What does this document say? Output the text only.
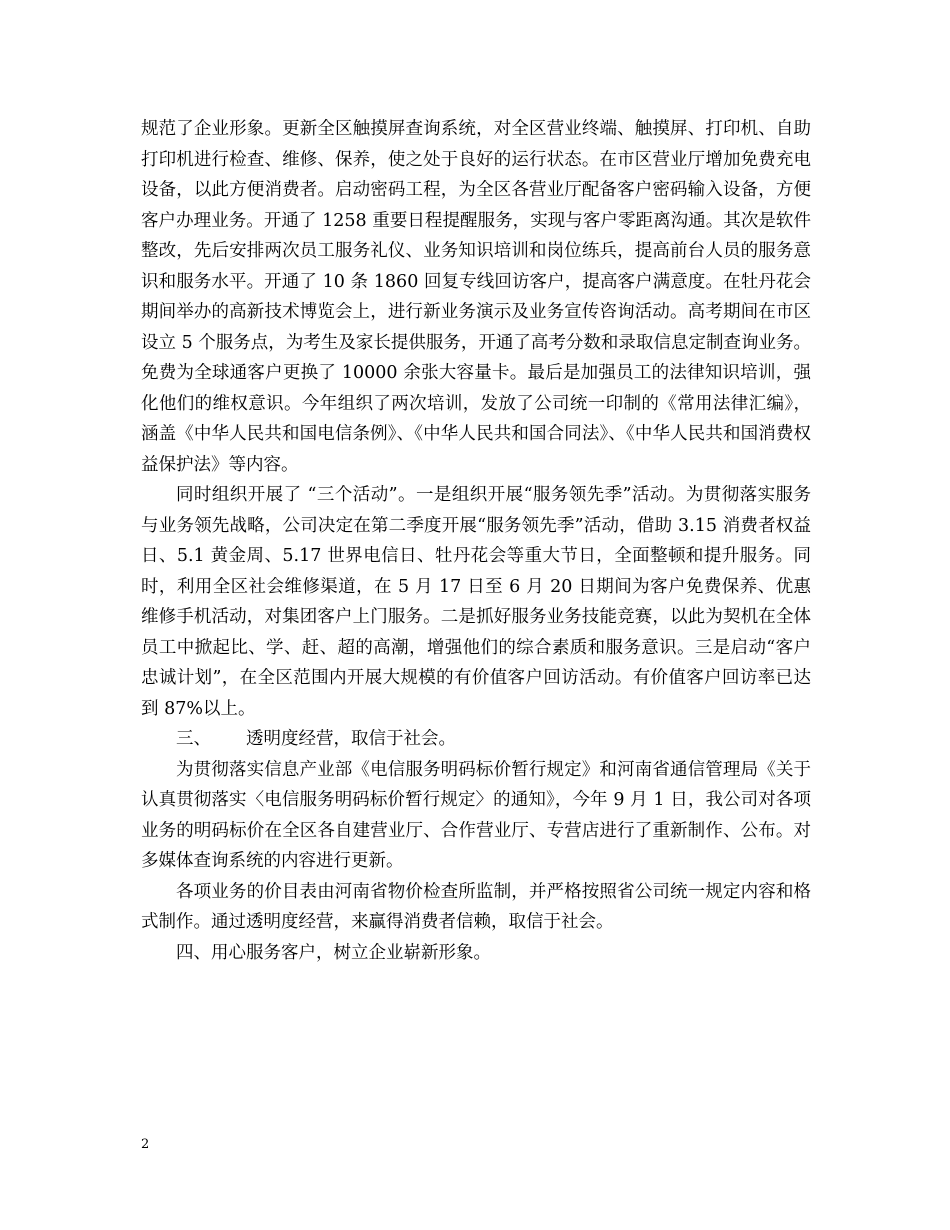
规范了企业形象。更新全区触摸屏查询系统，对全区营业终端、触摸屏、打印机、自助打印机进行检查、维修、保养，使之处于良好的运行状态。在市区营业厅增加免费充电设备，以此方便消费者。启动密码工程，为全区各营业厅配备客户密码输入设备，方便客户办理业务。开通了 1258 重要日程提醒服务，实现与客户零距离沟通。其次是软件整改，先后安排两次员工服务礼仪、业务知识培训和岗位练兵，提高前台人员的服务意识和服务水平。开通了 10 条 1860 回复专线回访客户，提高客户满意度。在牡丹花会期间举办的高新技术博览会上，进行新业务演示及业务宣传咨询活动。高考期间在市区设立 5 个服务点，为考生及家长提供服务，开通了高考分数和录取信息定制查询业务。免费为全球通客户更换了 10000 余张大容量卡。最后是加强员工的法律知识培训，强化他们的维权意识。今年组织了两次培训，发放了公司统一印制的《常用法律汇编》，涵盖《中华人民共和国电信条例》、《中华人民共和国合同法》、《中华人民共和国消费权益保护法》等内容。

同时组织开展了 “三个活动”。一是组织开展“服务领先季”活动。为贯彻落实服务与业务领先战略，公司决定在第二季度开展“服务领先季”活动，借助 3.15 消费者权益日、5.1 黄金周、5.17 世界电信日、牡丹花会等重大节日，全面整顿和提升服务。同时，利用全区社会维修渠道，在 5 月 17 日至 6 月 20 日期间为客户免费保养、优惠维修手机活动，对集团客户上门服务。二是抓好服务业务技能竞赛，以此为契机在全体员工中掀起比、学、赶、超的高潮，增强他们的综合素质和服务意识。三是启动“客户忠诚计划”，在全区范围内开展大规模的有价值客户回访活动。有价值客户回访率已达到 87%以上。

三、 透明度经营，取信于社会。

为贯彻落实信息产业部《电信服务明码标价暂行规定》和河南省通信管理局《关于认真贯彻落实〈电信服务明码标价暂行规定〉的通知》，今年 9 月 1 日，我公司对各项业务的明码标价在全区各自建营业厅、合作营业厅、专营店进行了重新制作、公布。对多媒体查询系统的内容进行更新。

各项业务的价目表由河南省物价检查所监制，并严格按照省公司统一规定内容和格式制作。通过透明度经营，来赢得消费者信赖，取信于社会。

四、用心服务客户，树立企业崭新形象。

2
